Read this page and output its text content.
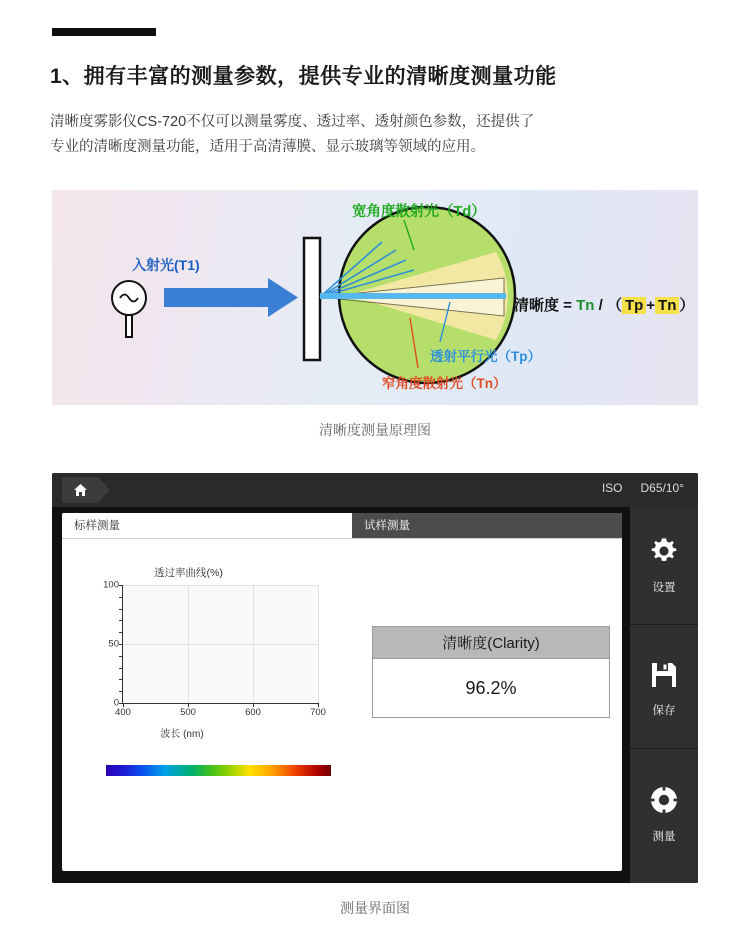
1、拥有丰富的测量参数，提供专业的清晰度测量功能
清晰度雾影仪CS-720不仅可以测量雾度、透过率、透射颜色参数，还提供了
专业的清晰度测量功能，适用于高清薄膜、显示玻璃等领域的应用。
宽角度散射光（Td）
入射光(T1)
透射平行光（Tp）
窄角度散射光（Tn）
清晰度 = Tn / （ Tp + Tn ）
清晰度测量原理图
ISO D65/10°
标样测量	试样测量
透过率曲线(%)
100
50
0
400	500	600	700
波长 (nm)
清晰度(Clarity)
96.2%
设置
保存
测量
测量界面图
